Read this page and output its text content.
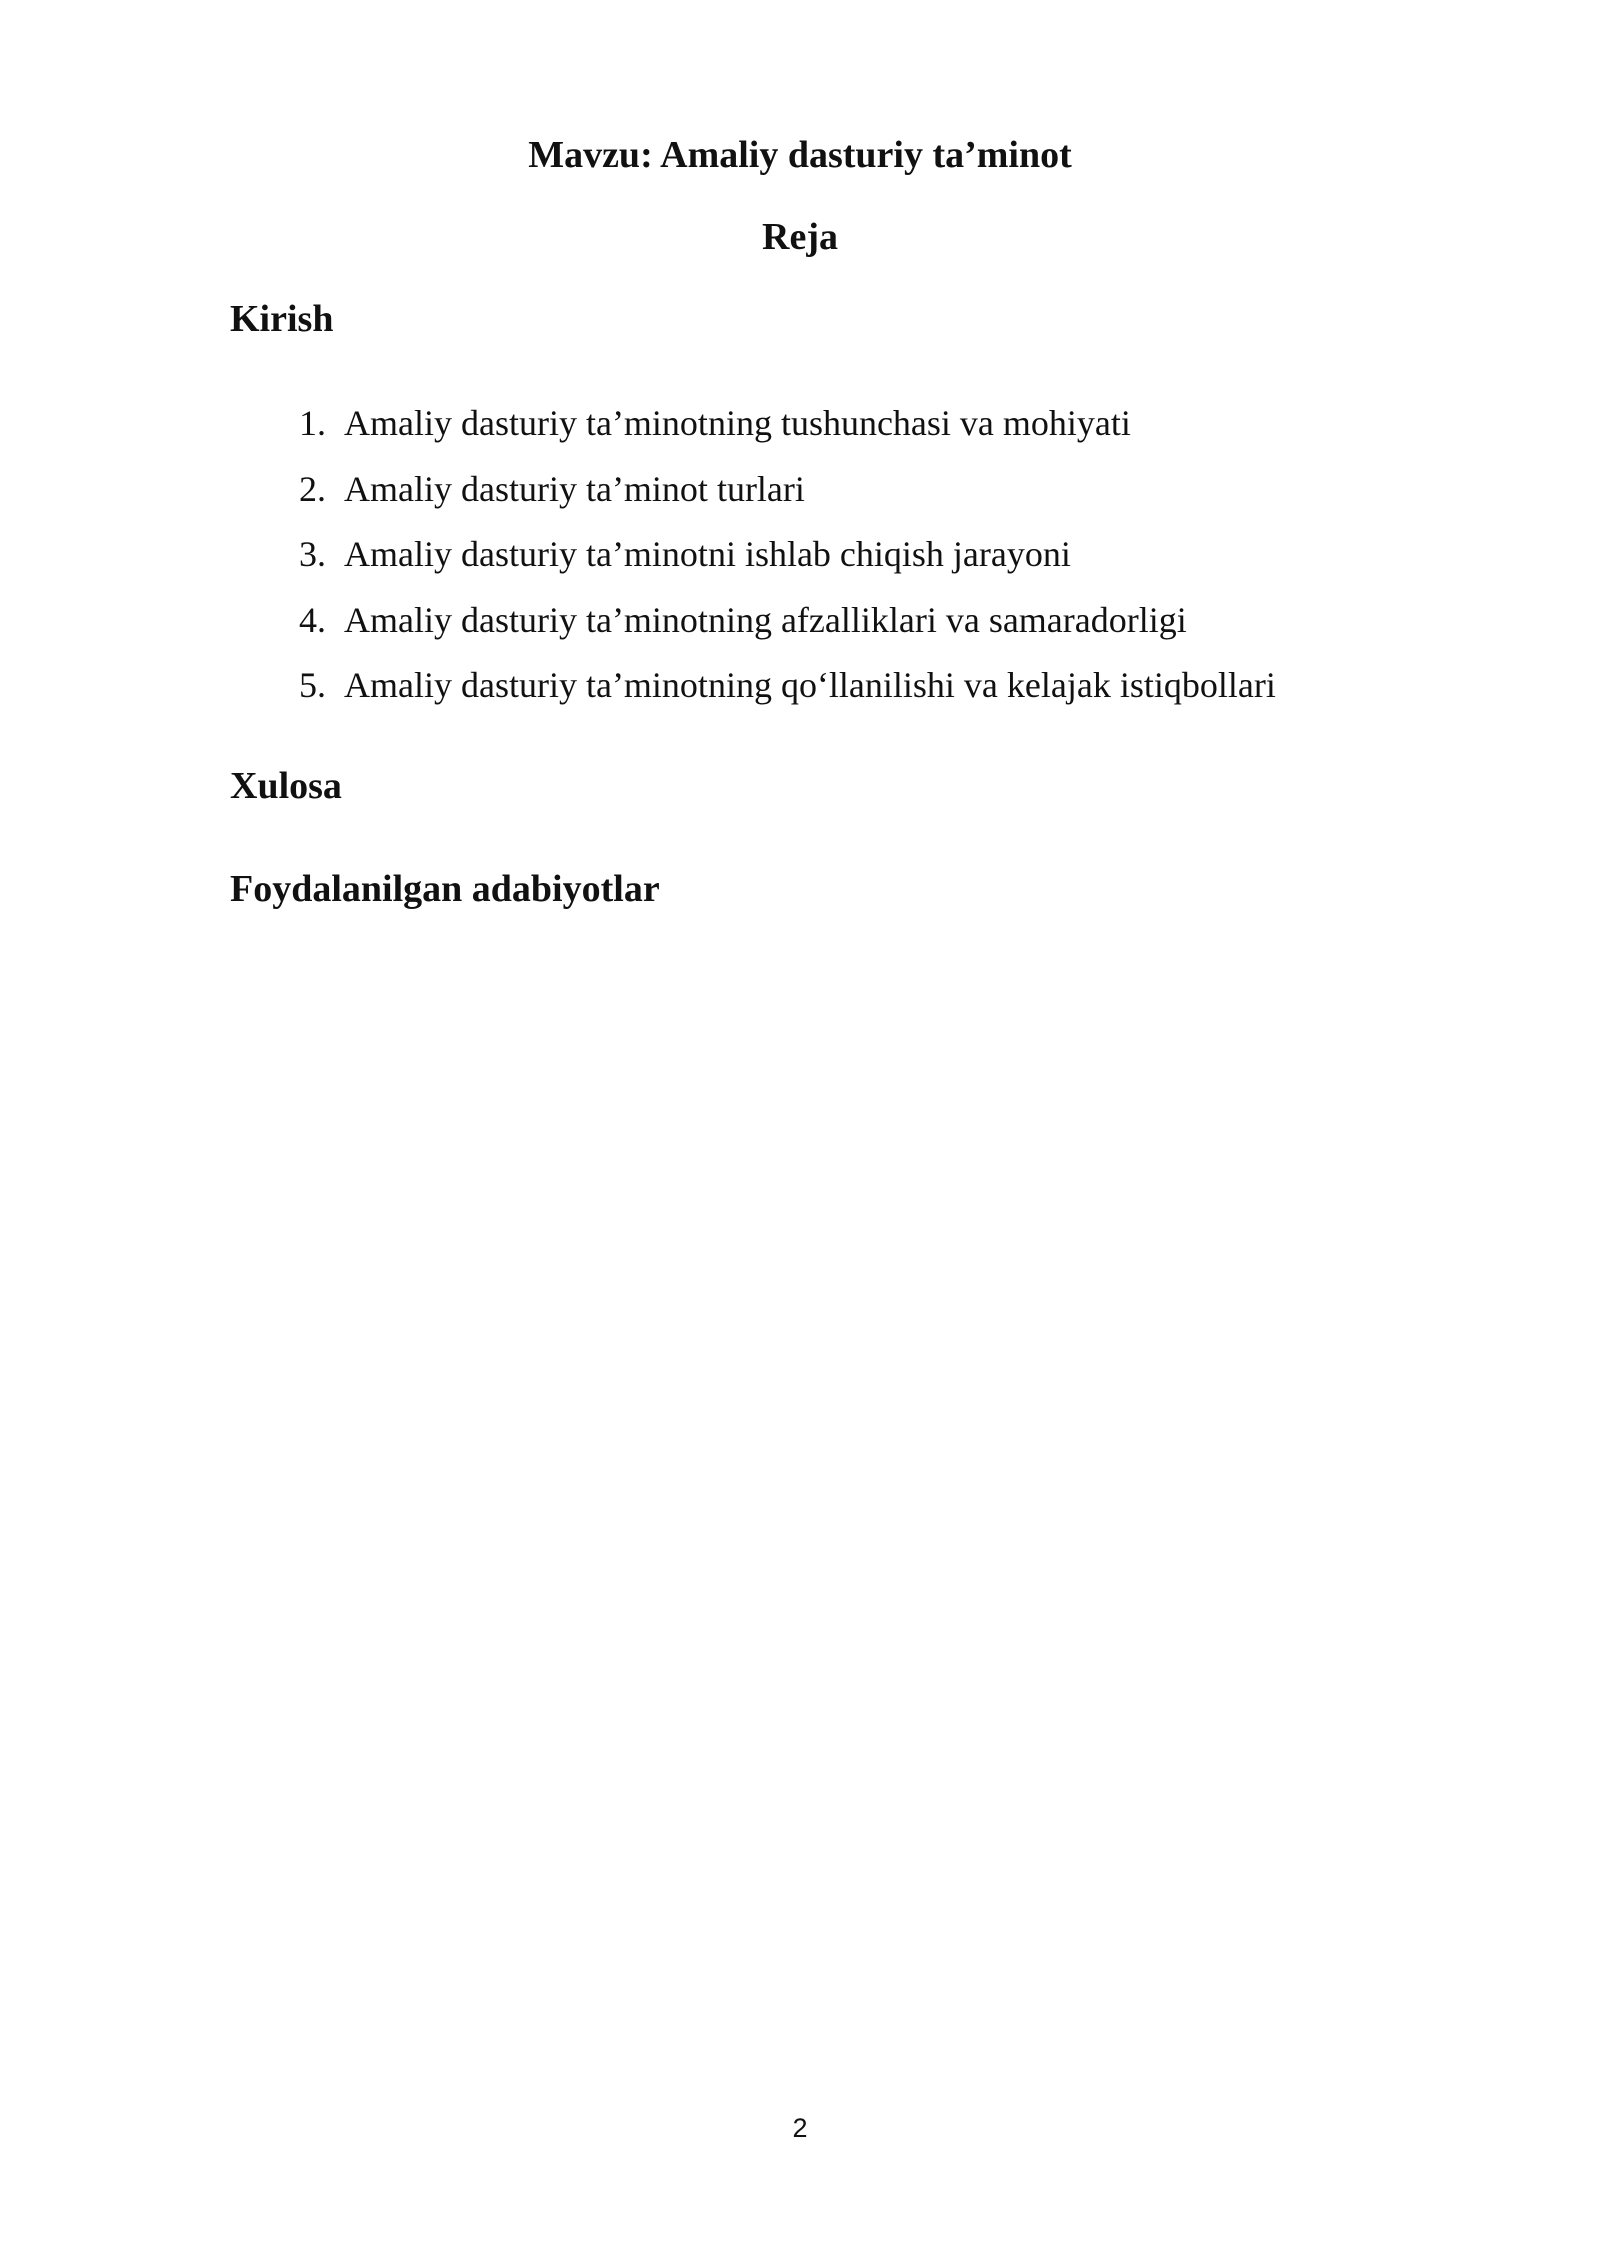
Mavzu: Amaliy dasturiy ta’minot
Reja
Kirish
1. Amaliy dasturiy ta’minotning tushunchasi va mohiyati
2. Amaliy dasturiy ta’minot turlari
3. Amaliy dasturiy ta’minotni ishlab chiqish jarayoni
4. Amaliy dasturiy ta’minotning afzalliklari va samaradorligi
5. Amaliy dasturiy ta’minotning qo‘llanilishi va kelajak istiqbollari
Xulosa
Foydalanilgan adabiyotlar
2
